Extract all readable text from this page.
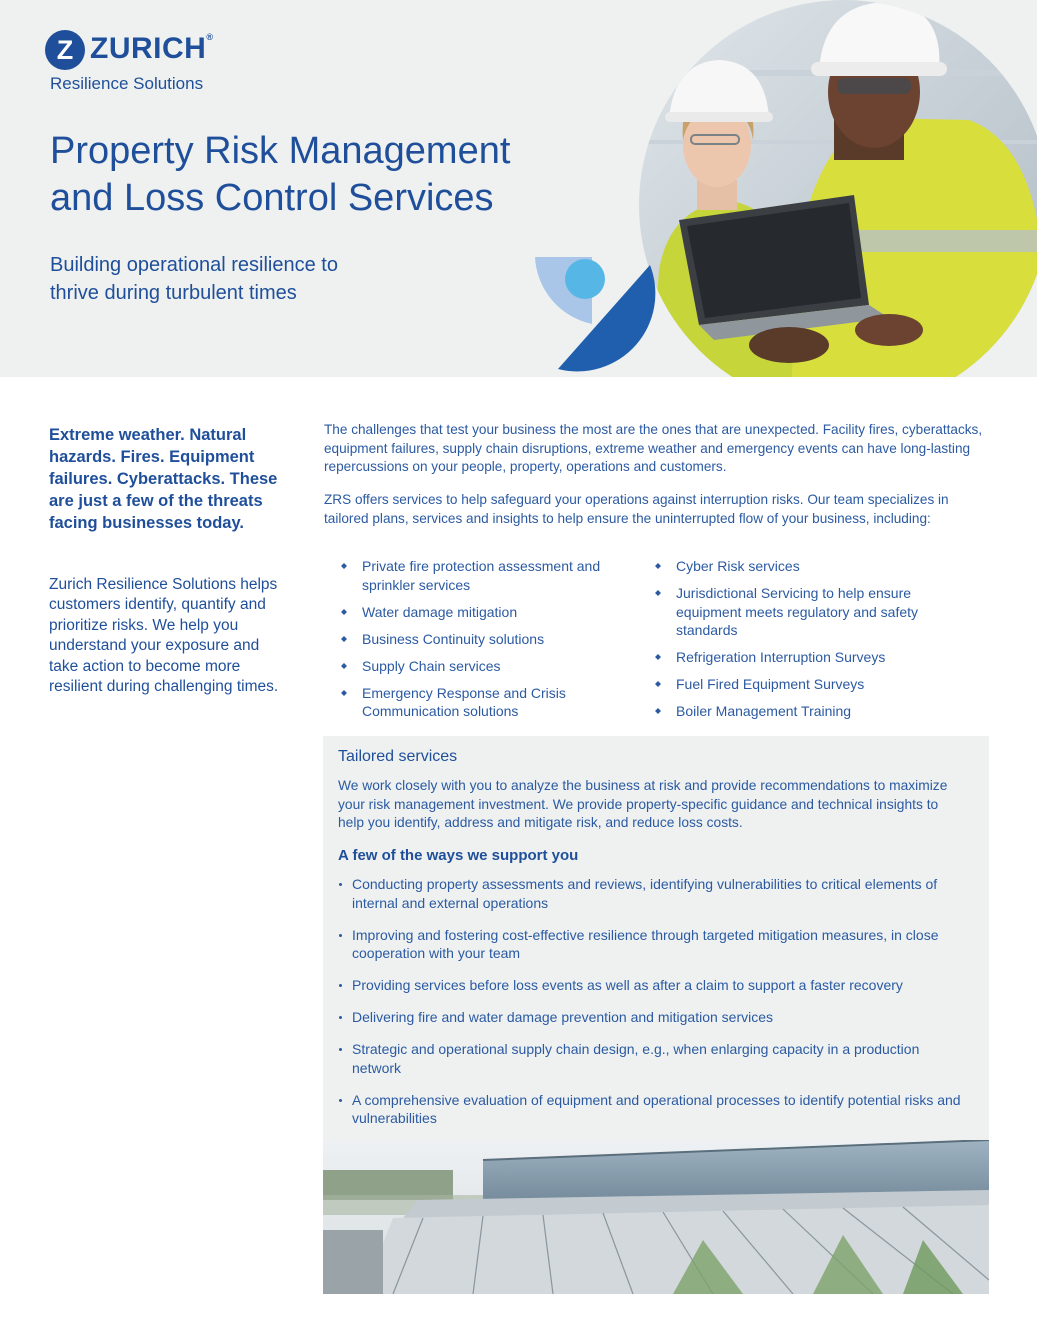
Z ZURICH®
Resilience Solutions
Property Risk Management
and Loss Control Services
Building operational resilience to
thrive during turbulent times

Extreme weather. Natural hazards. Fires. Equipment failures. Cyberattacks. These are just a few of the threats facing businesses today.

Zurich Resilience Solutions helps customers identify, quantify and prioritize risks. We help you understand your exposure and take action to become more resilient during challenging times.

The challenges that test your business the most are the ones that are unexpected. Facility fires, cyberattacks, equipment failures, supply chain disruptions, extreme weather and emergency events can have long-lasting repercussions on your people, property, operations and customers.

ZRS offers services to help safeguard your operations against interruption risks. Our team specializes in tailored plans, services and insights to help ensure the uninterrupted flow of your business, including:

Private fire protection assessment and sprinkler services
Water damage mitigation
Business Continuity solutions
Supply Chain services
Emergency Response and Crisis Communication solutions
Cyber Risk services
Jurisdictional Servicing to help ensure equipment meets regulatory and safety standards
Refrigeration Interruption Surveys
Fuel Fired Equipment Surveys
Boiler Management Training
Tailored services

We work closely with you to analyze the business at risk and provide recommendations to maximize your risk management investment. We provide property-specific guidance and technical insights to help you identify, address and mitigate risk, and reduce loss costs.

A few of the ways we support you
Conducting property assessments and reviews, identifying vulnerabilities to critical elements of internal and external operations
Improving and fostering cost-effective resilience through targeted mitigation measures, in close cooperation with your team
Providing services before loss events as well as after a claim to support a faster recovery
Delivering fire and water damage prevention and mitigation services
Strategic and operational supply chain design, e.g., when enlarging capacity in a production network
A comprehensive evaluation of equipment and operational processes to identify potential risks and vulnerabilities
